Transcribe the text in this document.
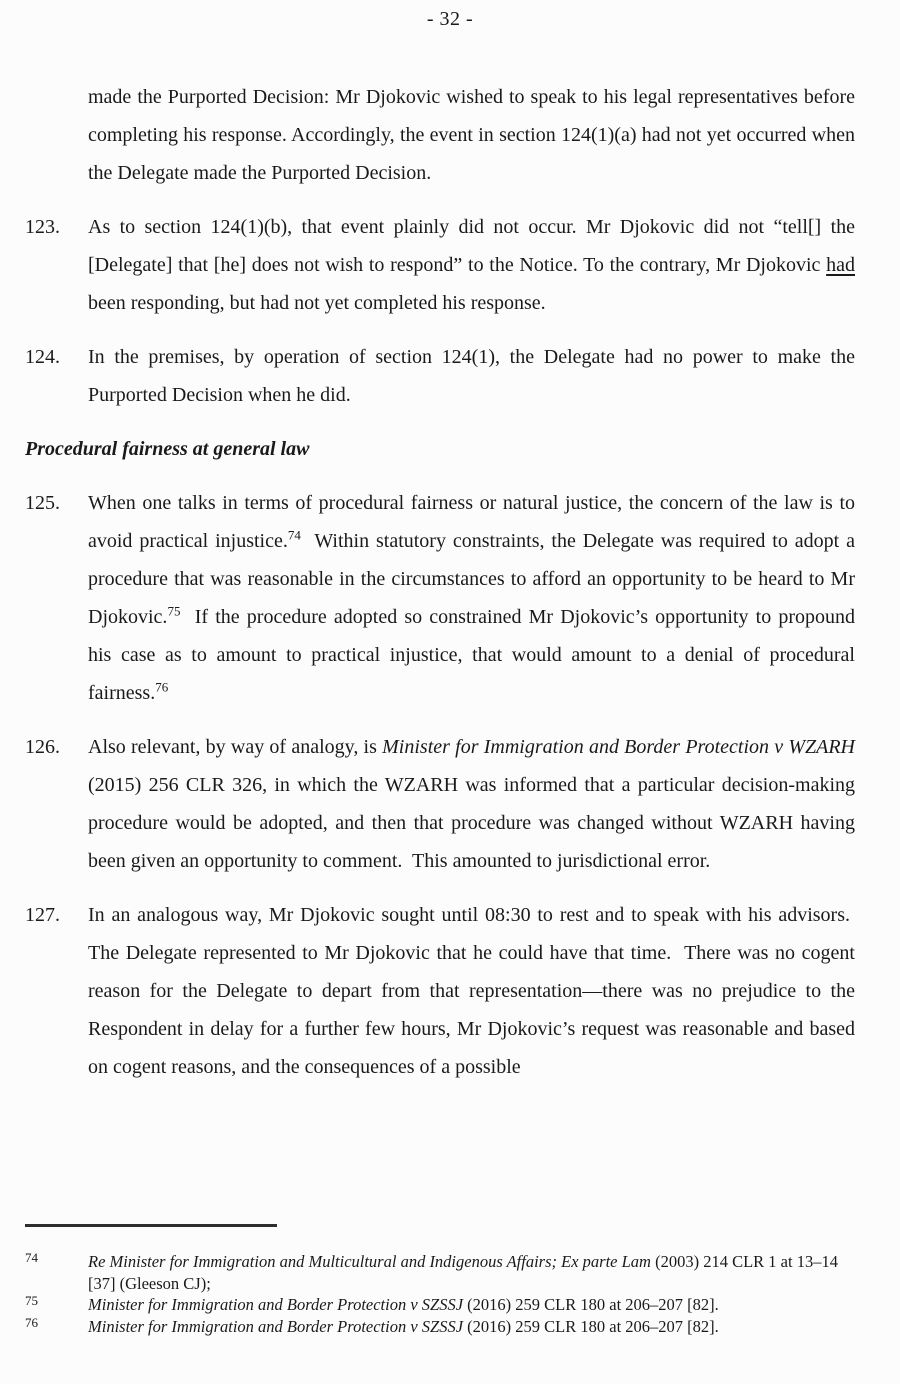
- 32 -
made the Purported Decision: Mr Djokovic wished to speak to his legal representatives before completing his response. Accordingly, the event in section 124(1)(a) had not yet occurred when the Delegate made the Purported Decision.
123.	As to section 124(1)(b), that event plainly did not occur. Mr Djokovic did not “tell[] the [Delegate] that [he] does not wish to respond” to the Notice. To the contrary, Mr Djokovic had been responding, but had not yet completed his response.
124.	In the premises, by operation of section 124(1), the Delegate had no power to make the Purported Decision when he did.
Procedural fairness at general law
125.	When one talks in terms of procedural fairness or natural justice, the concern of the law is to avoid practical injustice.$^{74}$  Within statutory constraints, the Delegate was required to adopt a procedure that was reasonable in the circumstances to afford an opportunity to be heard to Mr Djokovic.$^{75}$  If the procedure adopted so constrained Mr Djokovic’s opportunity to propound his case as to amount to practical injustice, that would amount to a denial of procedural fairness.$^{76}$
126.	Also relevant, by way of analogy, is Minister for Immigration and Border Protection v WZARH (2015) 256 CLR 326, in which the WZARH was informed that a particular decision-making procedure would be adopted, and then that procedure was changed without WZARH having been given an opportunity to comment.  This amounted to jurisdictional error.
127.	In an analogous way, Mr Djokovic sought until 08:30 to rest and to speak with his advisors.  The Delegate represented to Mr Djokovic that he could have that time.  There was no cogent reason for the Delegate to depart from that representation—there was no prejudice to the Respondent in delay for a further few hours, Mr Djokovic’s request was reasonable and based on cogent reasons, and the consequences of a possible
74	Re Minister for Immigration and Multicultural and Indigenous Affairs; Ex parte Lam (2003) 214 CLR 1 at 13–14 [37] (Gleeson CJ);
75	Minister for Immigration and Border Protection v SZSSJ (2016) 259 CLR 180 at 206–207 [82].
76	Minister for Immigration and Border Protection v SZSSJ (2016) 259 CLR 180 at 206–207 [82].
